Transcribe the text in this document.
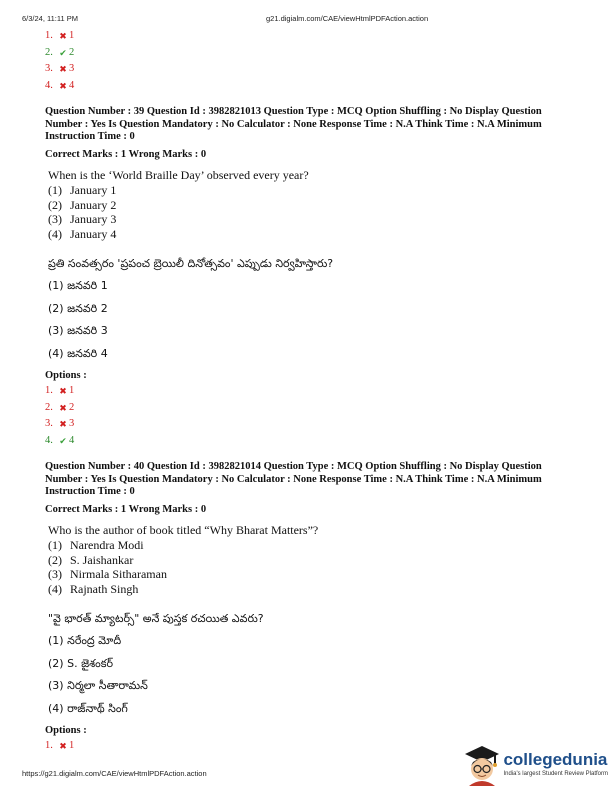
6/3/24, 11:11 PM	g21.digialm.com/CAE/viewHtmlPDFAction.action
1. ✖ 1
2. ✔ 2
3. ✖ 3
4. ✖ 4
Question Number : 39 Question Id : 3982821013 Question Type : MCQ Option Shuffling : No Display Question Number : Yes Is Question Mandatory : No Calculator : None Response Time : N.A Think Time : N.A Minimum Instruction Time : 0
Correct Marks : 1 Wrong Marks : 0
When is the ‘World Braille Day’ observed every year?
(1) January 1
(2) January 2
(3) January 3
(4) January 4
ప్రతి సంవత్సరం 'ప్రపంచ బ్రెయిలీ దినోత్సవం' ఎప్పుడు నిర్వహిస్తారు?
(1) జనవరి 1
(2) జనవరి 2
(3) జనవరి 3
(4) జనవరి 4
Options :
1. ✖ 1
2. ✖ 2
3. ✖ 3
4. ✔ 4
Question Number : 40 Question Id : 3982821014 Question Type : MCQ Option Shuffling : No Display Question Number : Yes Is Question Mandatory : No Calculator : None Response Time : N.A Think Time : N.A Minimum Instruction Time : 0
Correct Marks : 1 Wrong Marks : 0
Who is the author of book titled “Why Bharat Matters”?
(1) Narendra Modi
(2) S. Jaishankar
(3) Nirmala Sitharaman
(4) Rajnath Singh
"వై భారత్ మ్యాటర్స్" అనే పుస్తక రచయిత ఎవరు?
(1) నరేంద్ర మోదీ
(2) S. జైశంకర్
(3) నిర్మలా సీతారామన్
(4) రాజ్‌నాథ్ సింగ్
Options :
1. ✖ 1
https://g21.digialm.com/CAE/viewHtmlPDFAction.action
collegedunia
India's largest Student Review Platform
